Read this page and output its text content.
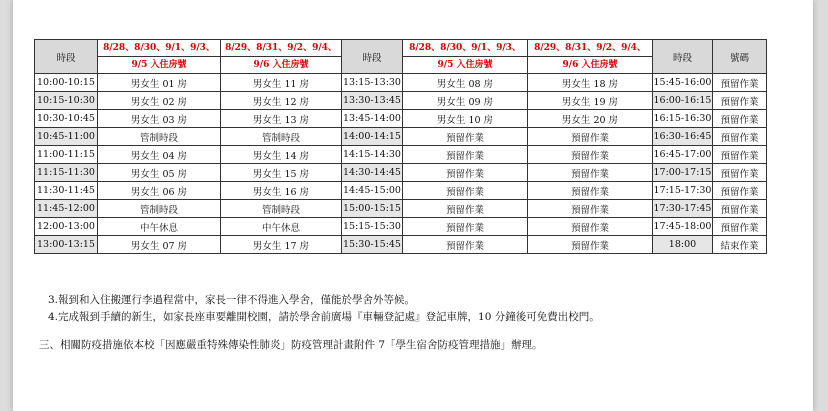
時段	8/28、8/30、9/1、9/3、	8/29、8/31、9/2、9/4、	時段	8/28、8/30、9/1、9/3、	8/29、8/31、9/2、9/4、	時段	號碼
	9/5 入住房號	9/6 入住房號		9/5 入住房號	9/6 入住房號		
10:00-10:15	男女生 01 房	男女生 11 房	13:15-13:30	男女生 08 房	男女生 18 房	15:45-16:00	預留作業
10:15-10:30	男女生 02 房	男女生 12 房	13:30-13:45	男女生 09 房	男女生 19 房	16:00-16:15	預留作業
10:30-10:45	男女生 03 房	男女生 13 房	13:45-14:00	男女生 10 房	男女生 20 房	16:15-16:30	預留作業
10:45-11:00	管制時段	管制時段	14:00-14:15	預留作業	預留作業	16:30-16:45	預留作業
11:00-11:15	男女生 04 房	男女生 14 房	14:15-14:30	預留作業	預留作業	16:45-17:00	預留作業
11:15-11:30	男女生 05 房	男女生 15 房	14:30-14:45	預留作業	預留作業	17:00-17:15	預留作業
11:30-11:45	男女生 06 房	男女生 16 房	14:45-15:00	預留作業	預留作業	17:15-17:30	預留作業
11:45-12:00	管制時段	管制時段	15:00-15:15	預留作業	預留作業	17:30-17:45	預留作業
12:00-13:00	中午休息	中午休息	15:15-15:30	預留作業	預留作業	17:45-18:00	預留作業
13:00-13:15	男女生 07 房	男女生 17 房	15:30-15:45	預留作業	預留作業	18:00	結束作業

3.報到和入住搬運行李過程當中，家長一律不得進入學舍，僅能於學舍外等候。

4.完成報到手續的新生，如家長座車要離開校園，請於學舍前廣場『車輛登記處』登記車牌，10 分鐘後可免費出校門。

三、相關防疫措施依本校「因應嚴重特殊傳染性肺炎」防疫管理計畫附件 7「學生宿舍防疫管理措施」辦理。
